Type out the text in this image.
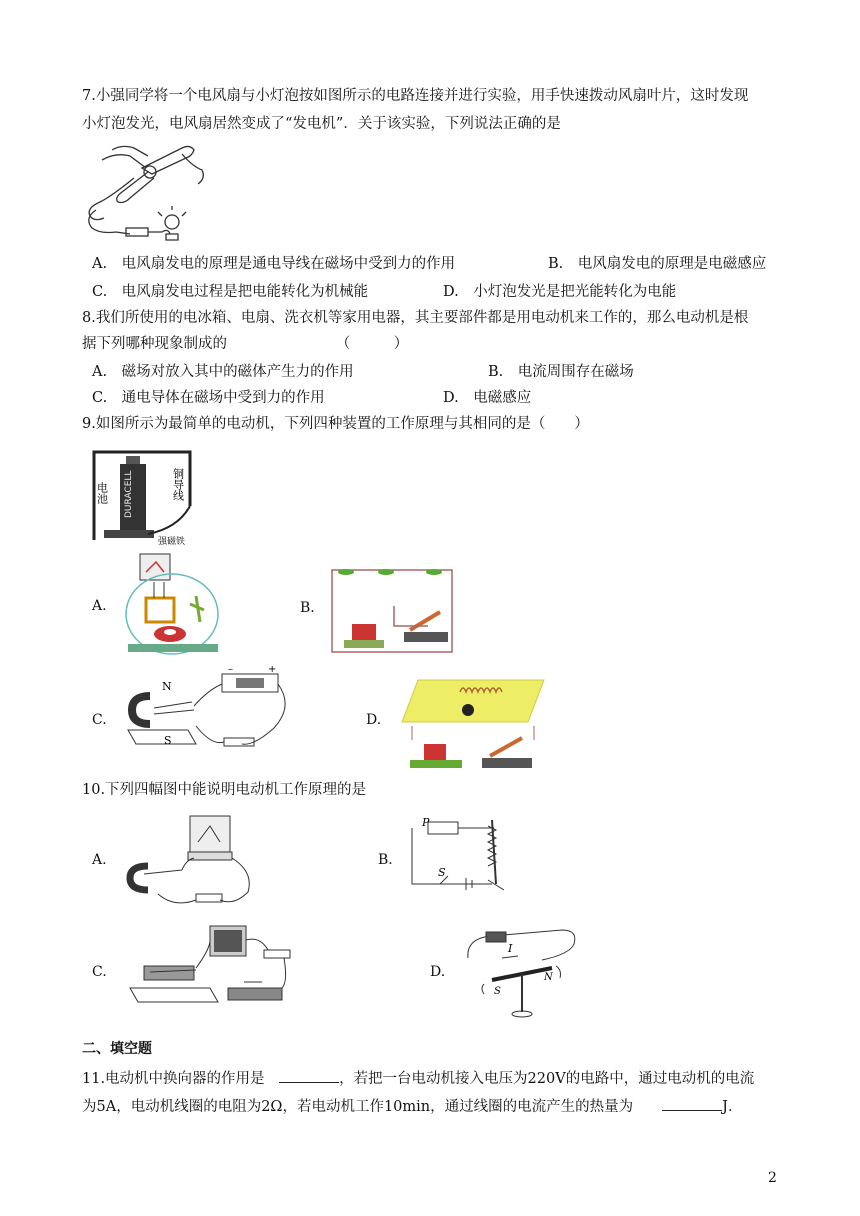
7.小强同学将一个电风扇与小灯泡按如图所示的电路连接并进行实验，用手快速拨动风扇叶片，这时发现
小灯泡发光，电风扇居然变成了“发电机”．关于该实验，下列说法正确的是
A.　电风扇发电的原理是通电导线在磁场中受到力的作用	B.　电风扇发电的原理是电磁感应
C.　电风扇发电过程是把电能转化为机械能	D.　小灯泡发光是把光能转化为电能
8.我们所使用的电冰箱、电扇、洗衣机等家用电器，其主要部件都是用电动机来工作的，那么电动机是根
据下列哪种现象制成的　　　　　　　　（　　　）
A.　磁场对放入其中的磁体产生力的作用	B.　电流周围存在磁场
C.　通电导体在磁场中受到力的作用	D.　电磁感应
9.如图所示为最简单的电动机，下列四种装置的工作原理与其相同的是（　　）
DURACELL
电池	铜导线
强磁铁
A.	B.
C.
–	+
N
S
D.
10.下列四幅图中能说明电动机工作原理的是
A.	B.
P
S
C.	D.
I
N
S
二、填空题
11.电动机中换向器的作用是　	，若把一台电动机接入电压为220V的电路中，通过电动机的电流
为5A，电动机线圈的电阻为2Ω，若电动机工作10min，通过线圈的电流产生的热量为　　	J．
2
